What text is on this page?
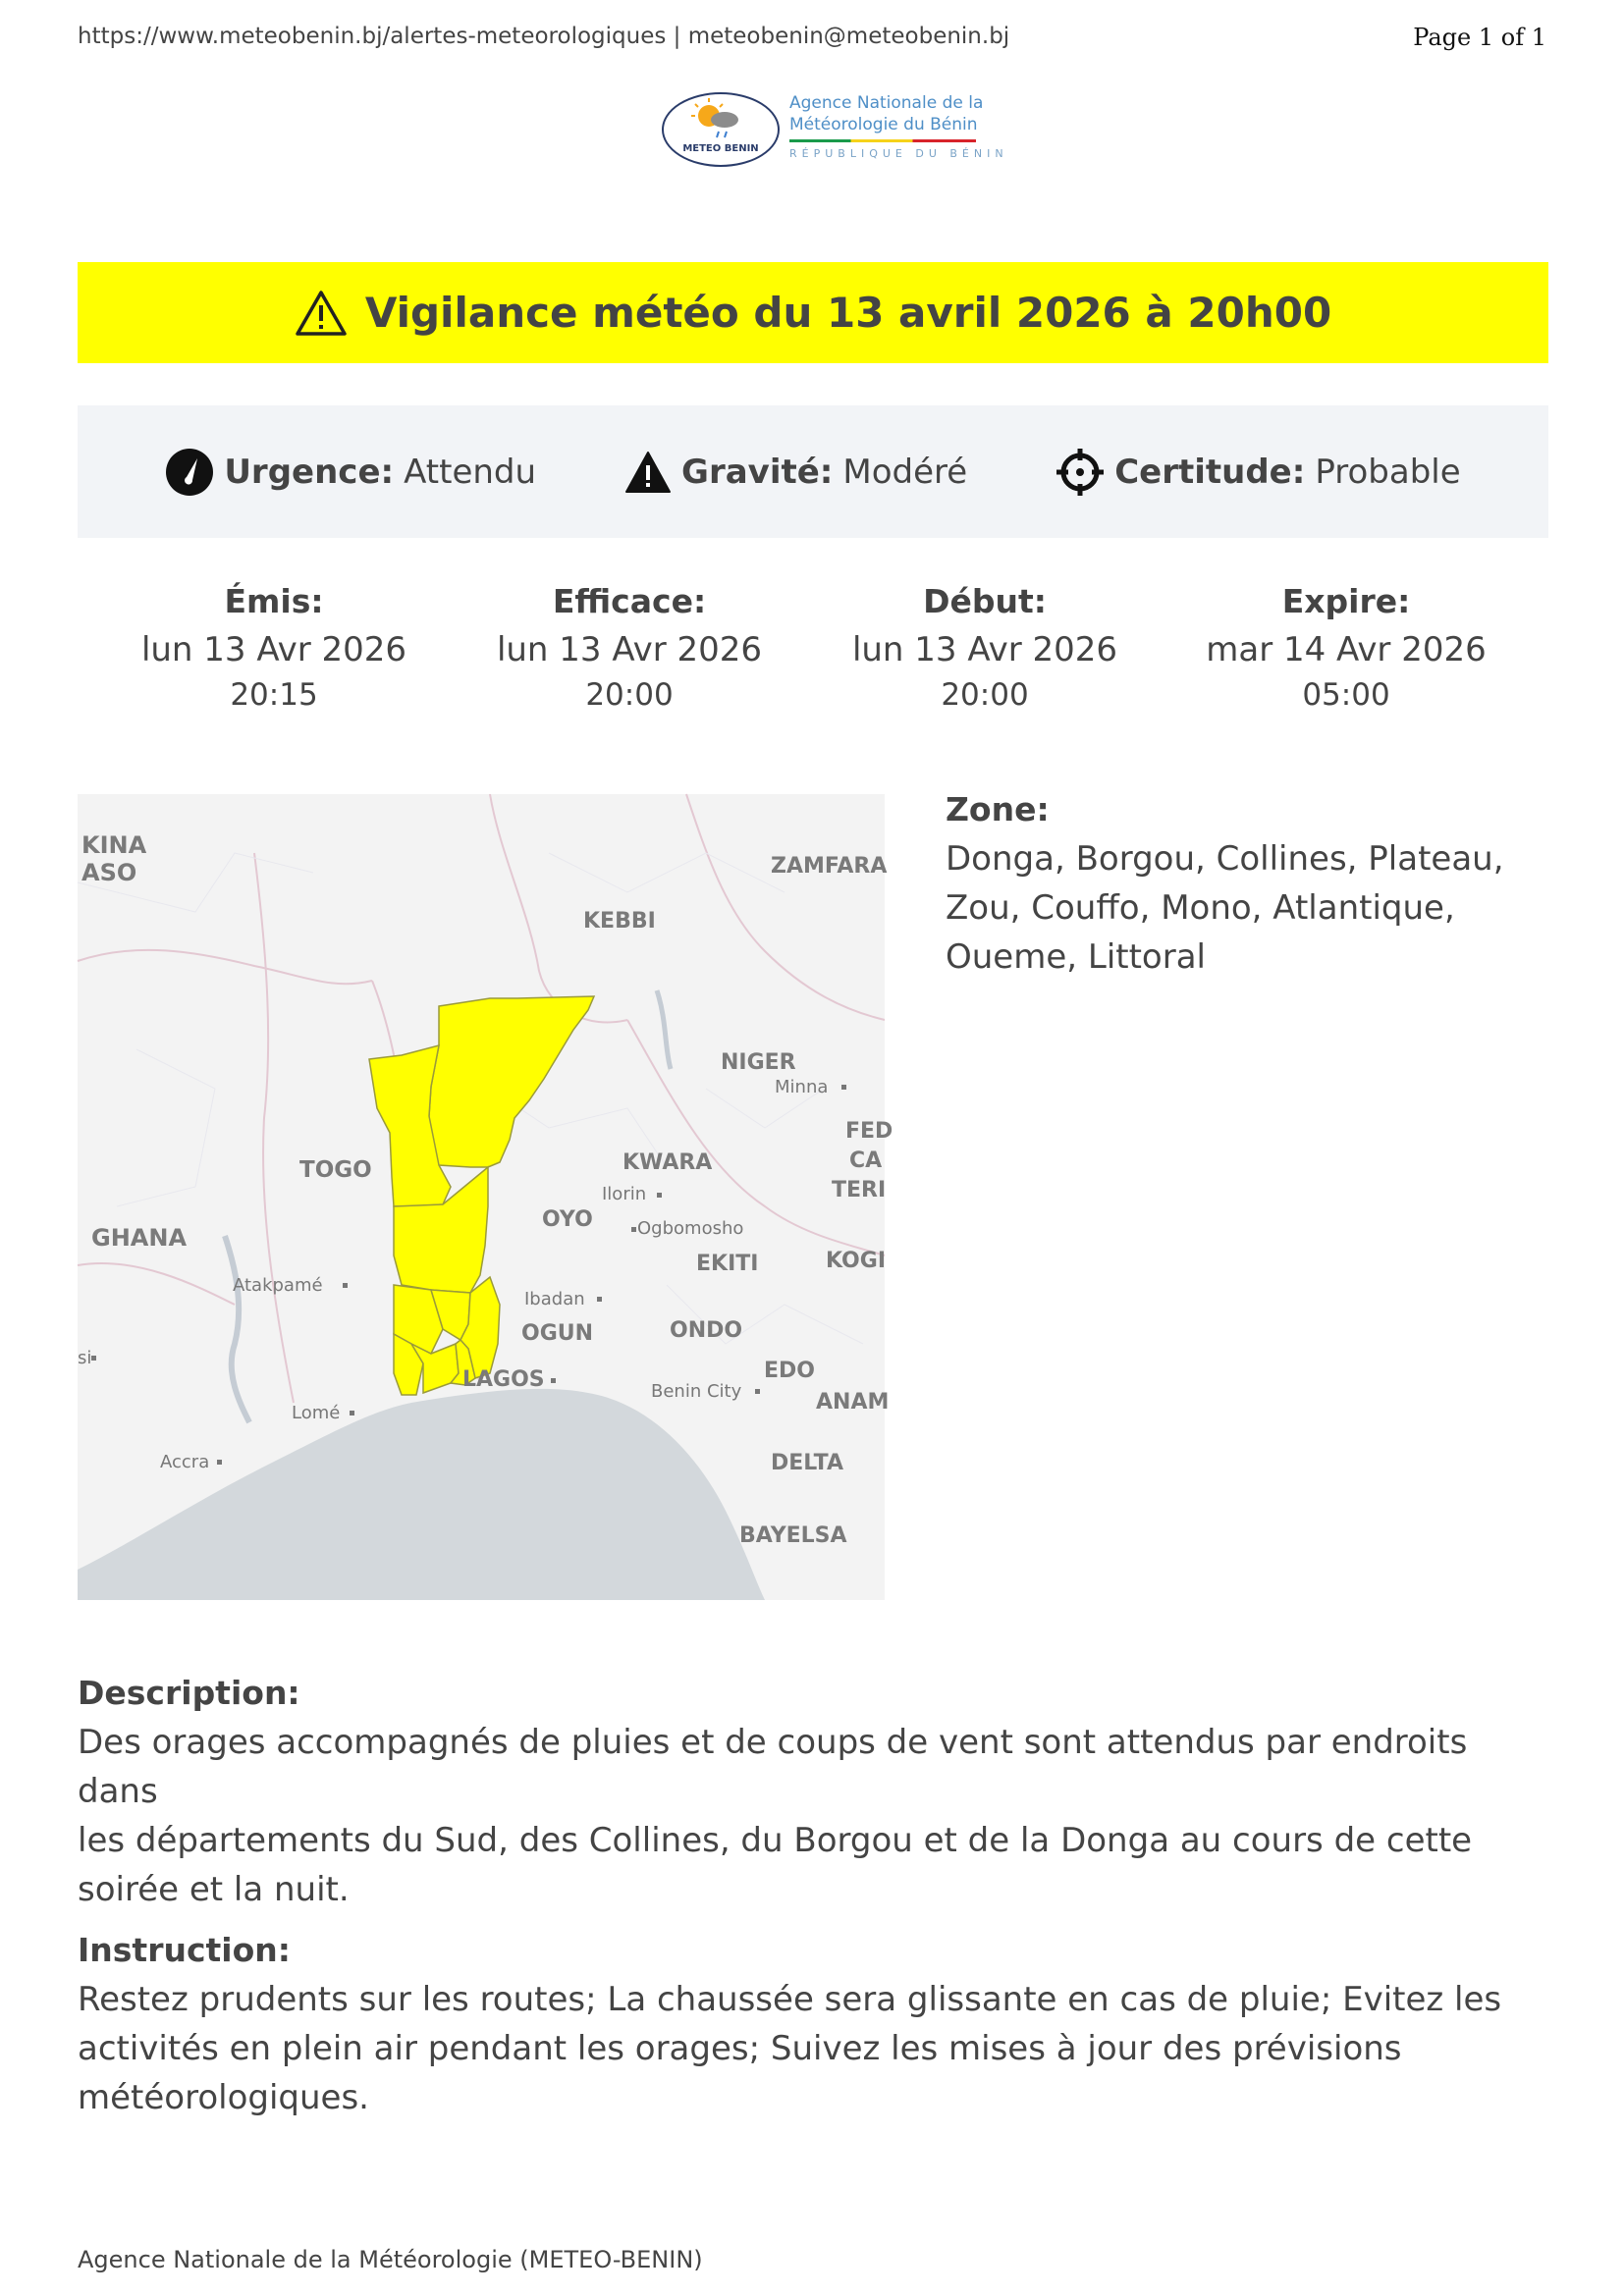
https://www.meteobenin.bj/alertes-meteorologiques | meteobenin@meteobenin.bj	Page 1 of 1
METEO BENIN
Agence Nationale de la
Météorologie du Bénin
RÉPUBLIQUE DU BÉNIN
Vigilance météo du 13 avril 2026 à 20h00
Urgence: Attendu	Gravité: Modéré	Certitude: Probable
Émis:
lun 13 Avr 2026
20:15
Efficace:
lun 13 Avr 2026
20:00
Début:
lun 13 Avr 2026
20:00
Expire:
mar 14 Avr 2026
05:00
KINA
ASO	ZAMFARA
KEBBI
NIGER
Minna
FED
CA
TERI
TOGO	KWARA
Ilorin
GHANA
OYO	Ogbomosho
EKITI	KOGI
Atakpamé
Ibadan
OGUN	ONDO
LAGOS	EDO
Benin City	ANAM
Lomé
Accra	DELTA
BAYELSA
si
Zone:
Donga, Borgou, Collines, Plateau,
Zou, Couffo, Mono, Atlantique,
Oueme, Littoral
Description:
Des orages accompagnés de pluies et de coups de vent sont attendus par endroits dans
les départements du Sud, des Collines, du Borgou et de la Donga au cours de cette
soirée et la nuit.
Instruction:
Restez prudents sur les routes; La chaussée sera glissante en cas de pluie; Evitez les
activités en plein air pendant les orages; Suivez les mises à jour des prévisions
météorologiques.
Agence Nationale de la Météorologie (METEO-BENIN)
